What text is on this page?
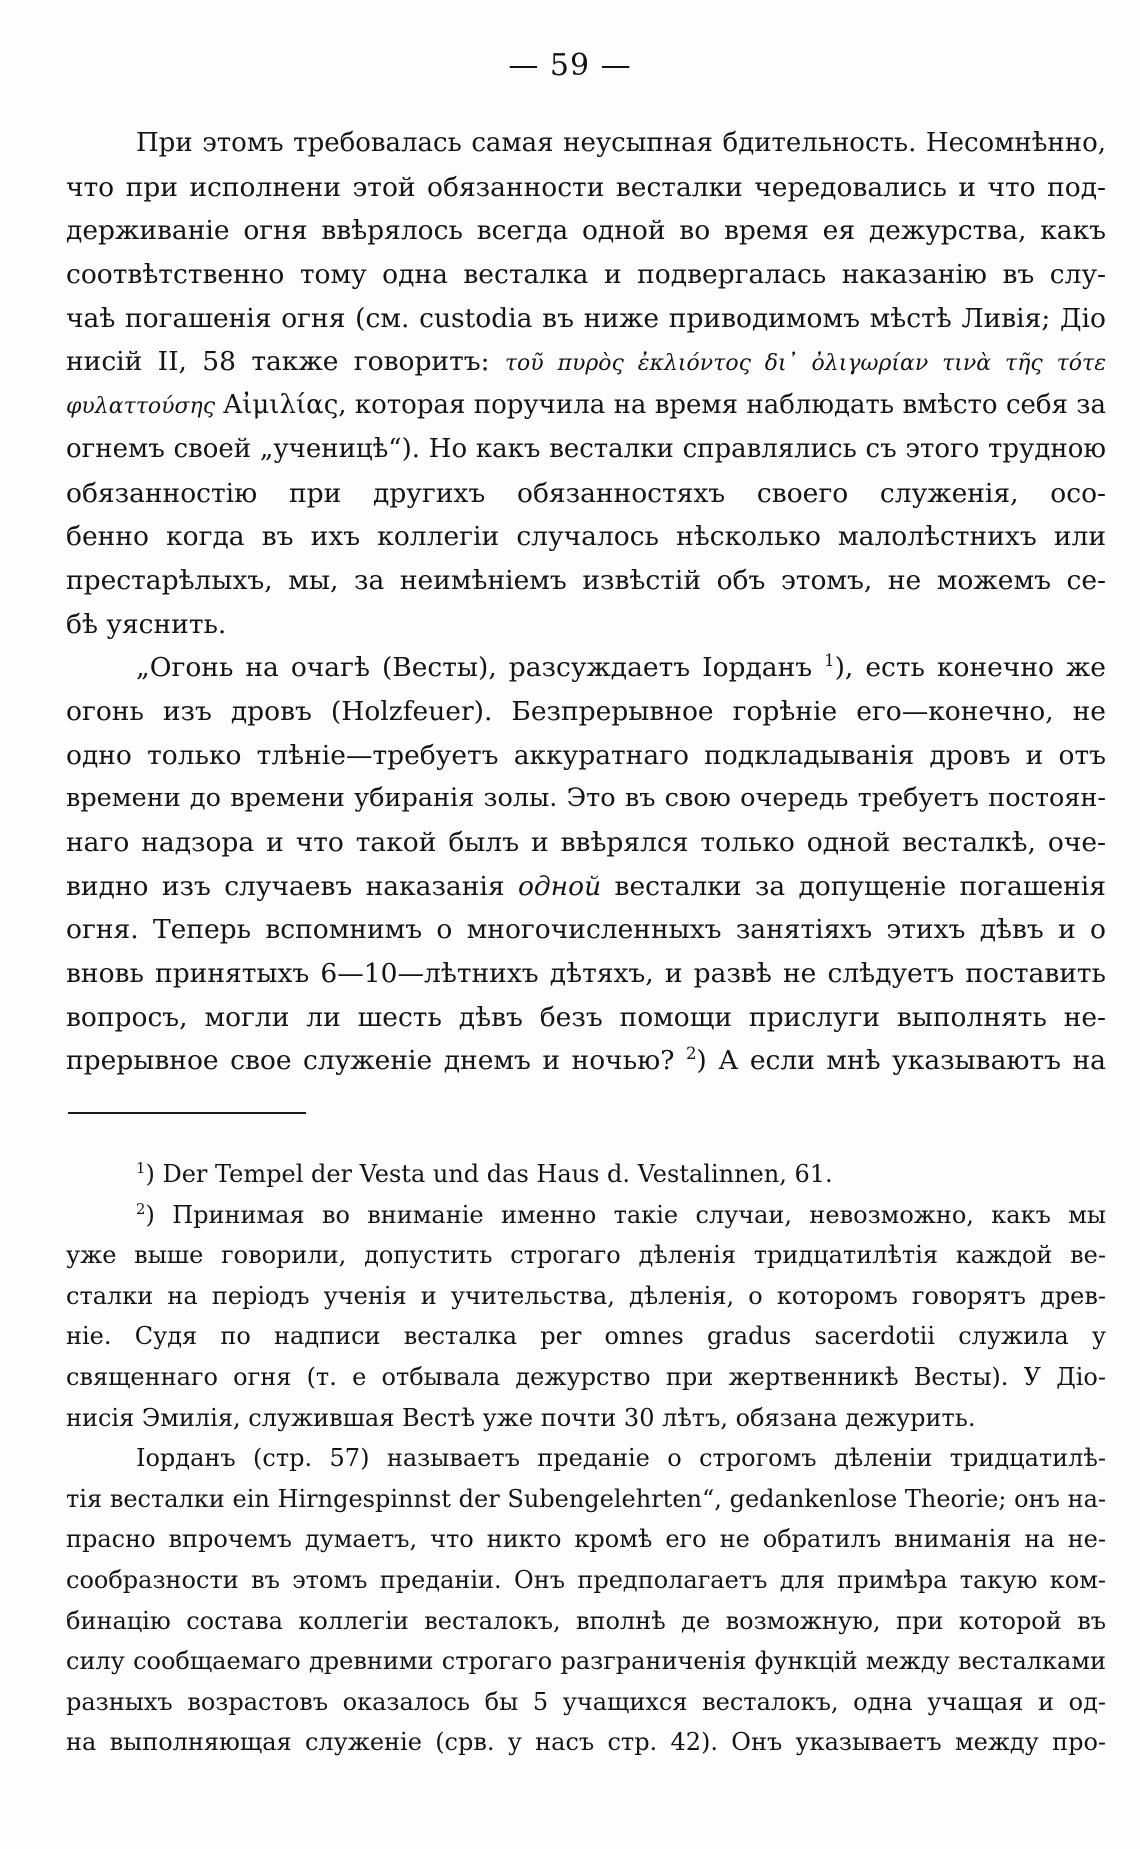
— 59 —
При этомъ требовалась самая неусыпная бдительность. Несомнѣнно,
что при исполнени этой обязанности весталки чередовались и что под-
держиваніе огня ввѣрялось всегда одной во время ея дежурства, какъ
соотвѣтственно тому одна весталка и подвергалась наказанію въ слу-
чаѣ погашенія огня (см. custodia въ ниже приводимомъ мѣстѣ Ливія; Діо
нисій II, 58 также говоритъ: τοῦ πυρὸς ἐκλιόντος δι᾽ ὀλιγωρίαν τινὰ τῆς τότε
φυλαττούσης Αἰμιλίας, которая поручила на время наблюдать вмѣсто себя за
огнемъ своей „ученицѣ“). Но какъ весталки справлялись съ этого трудною
обязанностію при другихъ обязанностяхъ своего служенія, осо-
бенно когда въ ихъ коллегіи случалось нѣсколько малолѣстнихъ или
престарѣлыхъ, мы, за неимѣніемъ извѣстій объ этомъ, не можемъ се-
бѣ уяснить.
„Огонь на очагѣ (Весты), разсуждаетъ Іорданъ $^1$), есть конечно же
огонь изъ дровъ (Holzfeuer). Безпрерывное горѣніе его—конечно, не
одно только тлѣніе—требуетъ аккуратнаго подкладыванія дровъ и отъ
времени до времени убиранія золы. Это въ свою очередь требуетъ постоян-
наго надзора и что такой былъ и ввѣрялся только одной весталкѣ, оче-
видно изъ случаевъ наказанія одной весталки за допущеніе погашенія
огня. Теперь вспомнимъ о многочисленныхъ занятіяхъ этихъ дѣвъ и о
вновь принятыхъ 6—10—лѣтнихъ дѣтяхъ, и развѣ не слѣдуетъ поставить
вопросъ, могли ли шесть дѣвъ безъ помощи прислуги выполнять не-
прерывное свое служеніе днемъ и ночью? $^2$) А если мнѣ указываютъ на
$^1$) Der Tempel der Vesta und das Haus d. Vestalinnen, 61.
$^2$) Принимая во вниманіе именно такіе случаи, невозможно, какъ мы
уже выше говорили, допустить строгаго дѣленія тридцатилѣтія каждой ве-
сталки на періодъ ученія и учительства, дѣленія, о которомъ говорятъ древ-
ніе. Судя по надписи весталка per omnes gradus sacerdotii служила у
священнаго огня (т. е отбывала дежурство при жертвенникѣ Весты). У Діо-
нисія Эмилія, служившая Вестѣ уже почти 30 лѣтъ, обязана дежурить.
Іорданъ (стр. 57) называетъ преданіе о строгомъ дѣленіи тридцатилѣ-
тія весталки ein Hirngespinnst der Subengelehrten“, gedankenlose Theorie; онъ на-
прасно впрочемъ думаетъ, что никто кромѣ его не обратилъ вниманія на не-
сообразности въ этомъ преданіи. Онъ предполагаетъ для примѣра такую ком-
бинацію состава коллегіи весталокъ, вполнѣ де возможную, при которой въ
силу сообщаемаго древними строгаго разграниченія функцій между весталками
разныхъ возрастовъ оказалось бы 5 учащихся весталокъ, одна учащая и од-
на выполняющая служеніе (срв. у насъ стр. 42). Онъ указываетъ между про-
